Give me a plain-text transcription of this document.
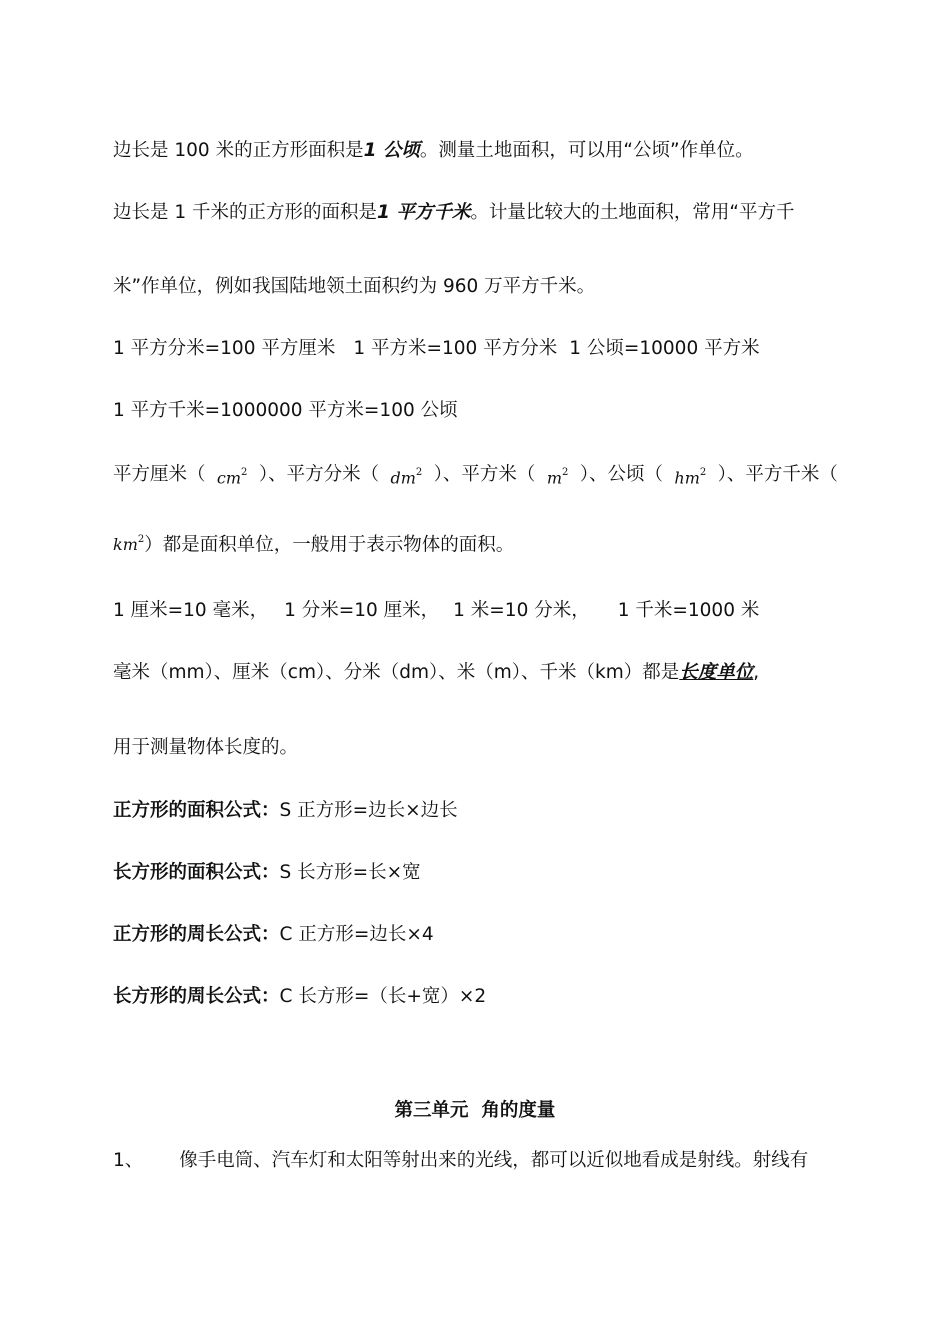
边长是 100 米的正方形面积是1 公顷。测量土地面积，可以用“公顷”作单位。
边长是 1 千米的正方形的面积是1 平方千米。计量比较大的土地面积，常用“平方千
米”作单位，例如我国陆地领土面积约为 960 万平方千米。
1 平方分米=100 平方厘米 1 平方米=100 平方分米 1 公顷=10000 平方米
1 平方千米=1000000 平方米=100 公顷
平方厘米（ $cm^2$ ）、平方分米（ $dm^2$ ）、平方米（ $m^2$ ）、公顷（ $hm^2$ ）、平方千米（
$km^2$）都是面积单位，一般用于表示物体的面积。
1 厘米=10 毫米， 1 分米=10 厘米， 1 米=10 分米， 1 千米=1000 米
毫米（mm）、厘米（cm）、分米（dm）、米（m）、千米（km）都是长度单位,
用于测量物体长度的。
正方形的面积公式：S 正方形=边长×边长
长方形的面积公式：S 长方形=长×宽
正方形的周长公式：C 正方形=边长×4
长方形的周长公式：C 长方形=（长+宽）×2
第三单元  角的度量
1、 像手电筒、汽车灯和太阳等射出来的光线，都可以近似地看成是射线。射线有
